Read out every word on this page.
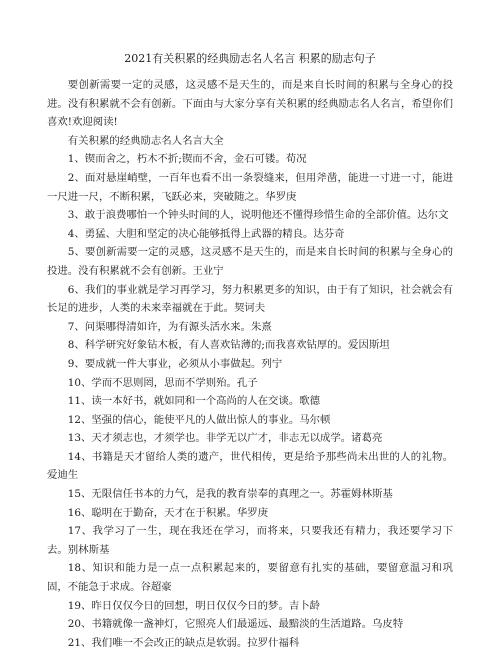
2021有关积累的经典励志名人名言 积累的励志句子

要创新需要一定的灵感，这灵感不是天生的，而是来自长时间的积累与全身心的投进。没有积累就不会有创新。下面由与大家分享有关积累的经典励志名人名言，希望你们喜欢!欢迎阅读!

有关积累的经典励志名人名言大全

1、锲而舍之，朽木不折;锲而不舍，金石可镂。荀况
2、面对悬崖峭壁，一百年也看不出一条裂缝来，但用斧凿，能进一寸进一寸，能进一尺进一尺，不断积累，飞跃必来，突破随之。华罗庚
3、敢于浪费哪怕一个钟头时间的人，说明他还不懂得珍惜生命的全部价值。达尔文
4、勇猛、大胆和坚定的决心能够抵得上武器的精良。达芬奇
5、要创新需要一定的灵感，这灵感不是天生的，而是来自长时间的积累与全身心的投进。没有积累就不会有创新。王业宁
6、我们的事业就是学习再学习，努力积累更多的知识，由于有了知识，社会就会有长足的进步，人类的未来幸福就在于此。契诃夫
7、问渠哪得清如许，为有源头活水来。朱熹
8、科学研究好象钻木板，有人喜欢钻薄的;而我喜欢钻厚的。爱因斯坦
9、要成就一件大事业，必须从小事做起。列宁
10、学而不思则罔，思而不学则殆。孔子
11、读一本好书，就如同和一个高尚的人在交谈。歌德
12、坚强的信心，能使平凡的人做出惊人的事业。马尔顿
13、天才须志也，才须学也。非学无以广才，非志无以成学。诸葛亮
14、书籍是天才留给人类的遗产，世代相传，更是给予那些尚未出世的人的礼物。爱迪生
15、无限信任书本的力气，是我的教育崇奉的真理之一。苏霍姆林斯基
16、聪明在于勤奋，天才在于积累。华罗庚
17、我学习了一生，现在我还在学习，而将来，只要我还有精力，我还要学习下去。别林斯基
18、知识和能力是一点一点积累起来的，要留意有扎实的基础，要留意温习和巩固，不能急于求成。谷超豪
19、昨日仅仅今日的回想，明日仅仅今日的梦。吉卜龄
20、书籍就像一盏神灯，它照亮人们最遥远、最黯淡的生活道路。乌皮特
21、我们唯一不会改正的缺点是软弱。拉罗什福科
